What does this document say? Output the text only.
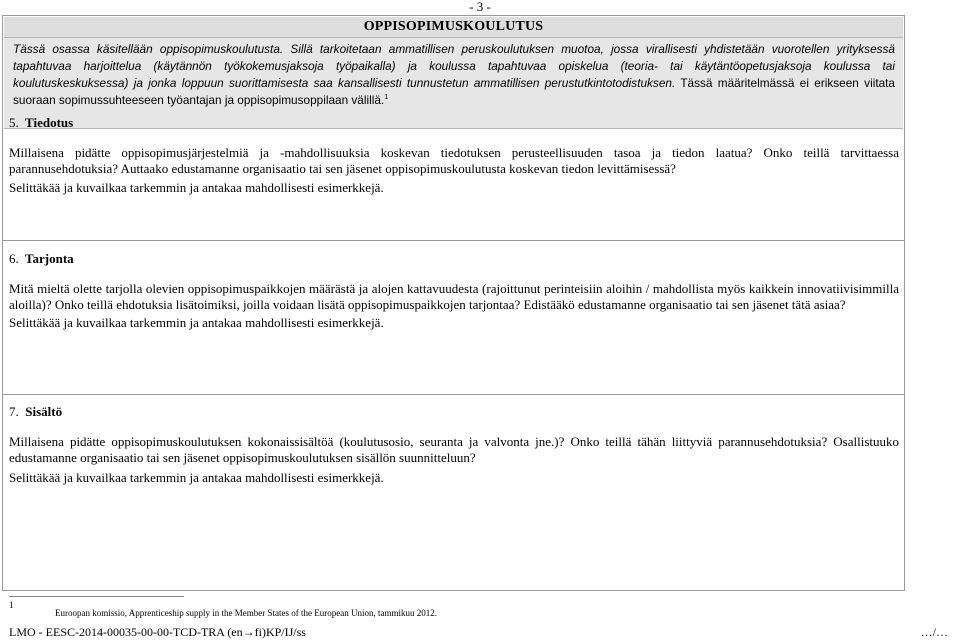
- 3 -
OPPISOPIMUSKOULUTUS
Tässä osassa käsitellään oppisopimuskoulutusta. Sillä tarkoitetaan ammatillisen peruskoulutuksen muotoa, jossa virallisesti yhdistetään vuorotellen yrityksessä tapahtuvaa harjoittelua (käytännön työkokemusjaksoja työpaikalla) ja koulussa tapahtuvaa opiskelua (teoria- tai käytäntöopetusjaksoja koulussa tai koulutuskeskuksessa) ja jonka loppuun suorittamisesta saa kansallisesti tunnustetun ammatillisen perustutkintotodistuksen. Tässä määritelmässä ei erikseen viitata suoraan sopimussuhteeseen työantajan ja oppisopimusoppilaan välillä.$^1$
5. Tiedotus

Millaisena pidätte oppisopimusjärjestelmiä ja -mahdollisuuksia koskevan tiedotuksen perusteellisuuden tasoa ja tiedon laatua? Onko teillä tarvittaessa parannusehdotuksia? Auttaako edustamanne organisaatio tai sen jäsenet oppisopimuskoulutusta koskevan tiedon levittämisessä?

Selittäkää ja kuvailkaa tarkemmin ja antakaa mahdollisesti esimerkkejä.

6. Tarjonta

Mitä mieltä olette tarjolla olevien oppisopimuspaikkojen määrästä ja alojen kattavuudesta (rajoittunut perinteisiin aloihin / mahdollista myös kaikkein innovatiivisimmilla aloilla)? Onko teillä ehdotuksia lisätoimiksi, joilla voidaan lisätä oppisopimuspaikkojen tarjontaa? Edistääkö edustamanne organisaatio tai sen jäsenet tätä asiaa?

Selittäkää ja kuvailkaa tarkemmin ja antakaa mahdollisesti esimerkkejä.

7. Sisältö

Millaisena pidätte oppisopimuskoulutuksen kokonaissisältöä (koulutusosio, seuranta ja valvonta jne.)? Onko teillä tähän liittyviä parannusehdotuksia? Osallistuuko edustamanne organisaatio tai sen jäsenet oppisopimuskoulutuksen sisällön suunnitteluun?

Selittäkää ja kuvailkaa tarkemmin ja antakaa mahdollisesti esimerkkejä.

1Euroopan komissio, Apprenticeship supply in the Member States of the European Union, tammikuu 2012.
LMO - EESC-2014-00035-00-00-TCD-TRA (en→fi)KP/IJ/ss	…/…
